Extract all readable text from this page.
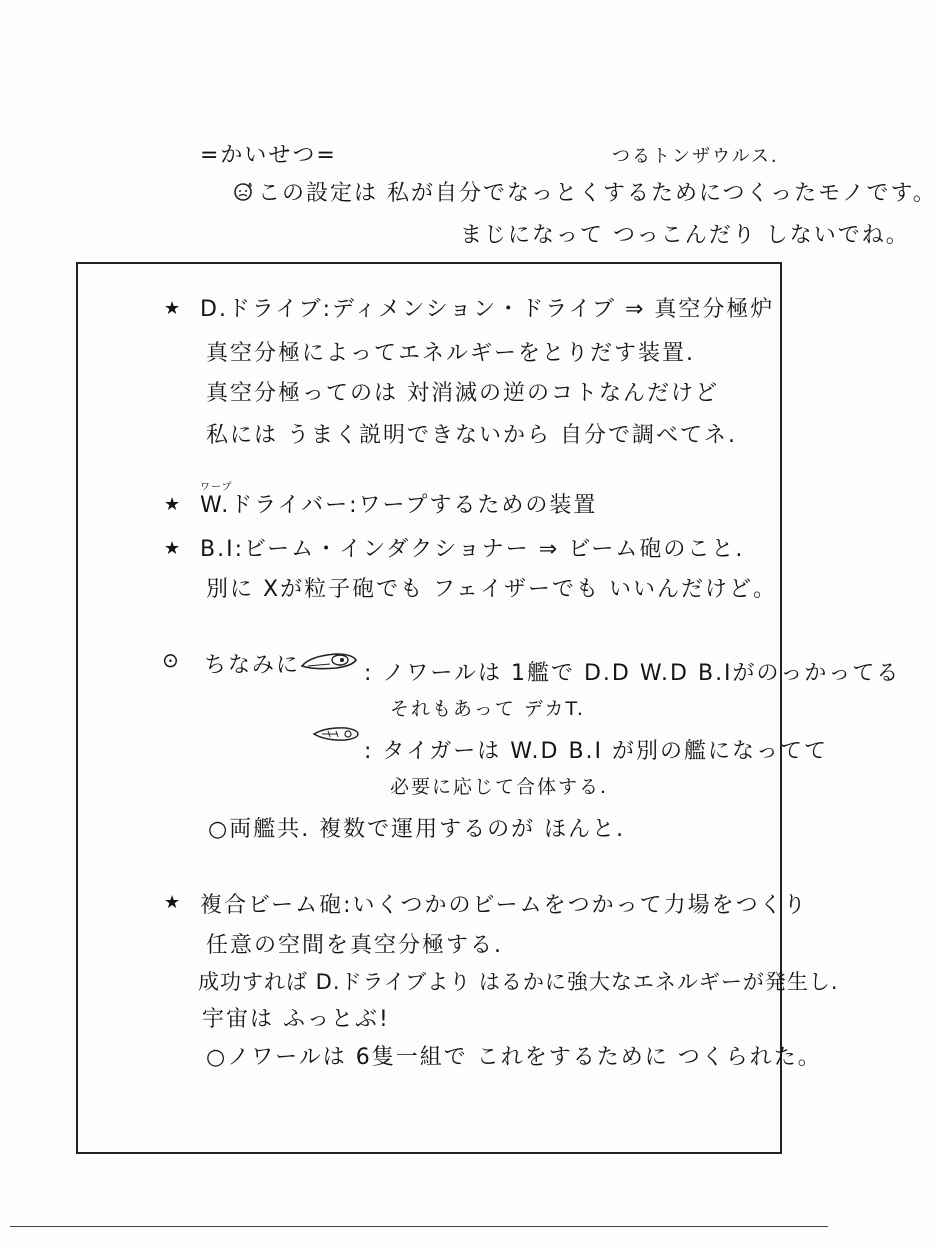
=かいせつ=	つるトンザウルス.
この設定は 私が自分でなっとくするためにつくったモノです。
まじになって つっこんだり しないでね。
★ D.ドライブ:ディメンション・ドライブ ⇒ 真空分極炉
真空分極によってエネルギーをとりだす装置.
真空分極ってのは 対消滅の逆のコトなんだけど
私には うまく説明できないから 自分で調べてネ.
ワープ
★ W.ドライバー:ワープするための装置
★ B.I:ビーム・インダクショナー ⇒ ビーム砲のこと.
別に Xが粒子砲でも フェイザーでも いいんだけど。
⊙ ちなみに	: ノワールは 1艦で D.D W.D B.Iがのっかってる
それもあって デカT.
: タイガーは W.D B.I が別の艦になってて
必要に応じて合体する.
○両艦共. 複数で運用するのが ほんと.
★ 複合ビーム砲:いくつかのビームをつかって力場をつくり
任意の空間を真空分極する.
成功すれば D.ドライブより はるかに強大なエネルギーが発生し.
宇宙は ふっとぶ!
○ノワールは 6隻一組で これをするために つくられた。
